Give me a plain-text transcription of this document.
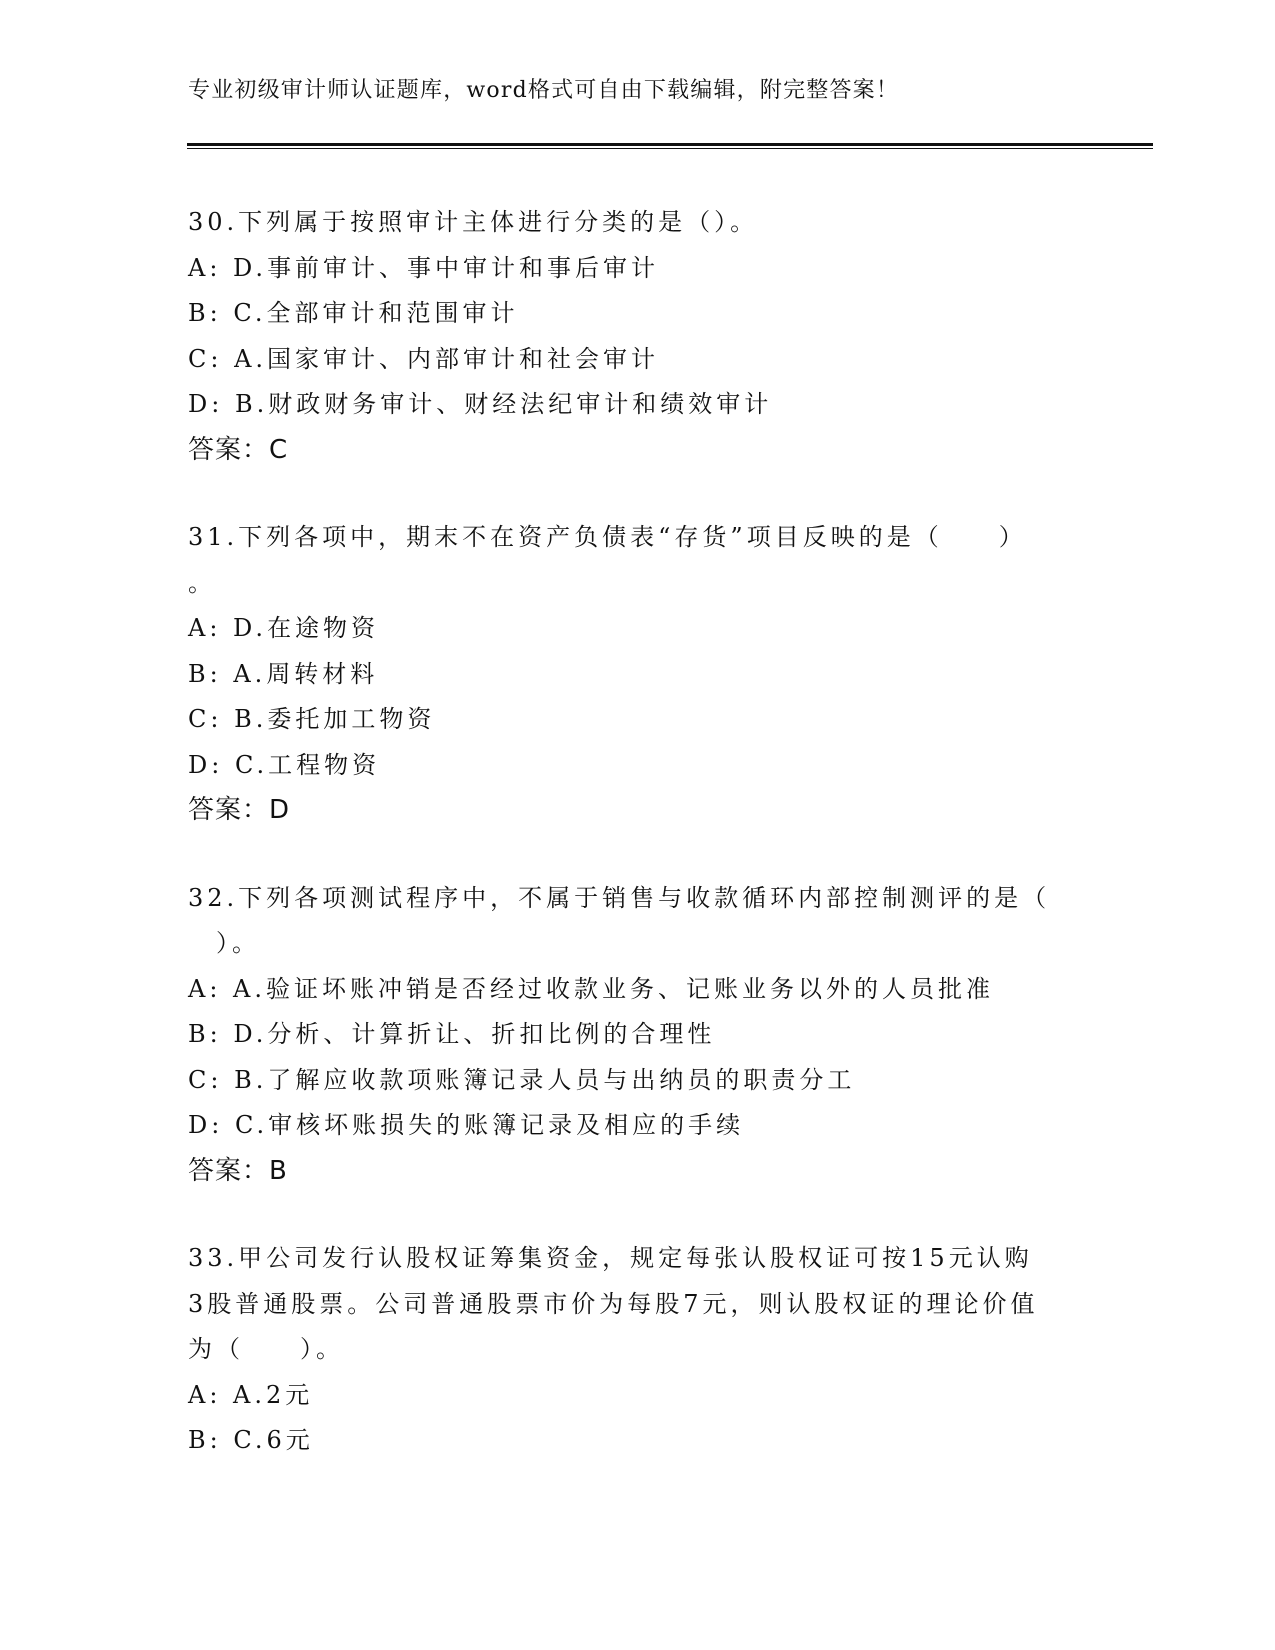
专业初级审计师认证题库，word格式可自由下载编辑，附完整答案！
30.下列属于按照审计主体进行分类的是（）。
A: D.事前审计、事中审计和事后审计
B: C.全部审计和范围审计
C: A.国家审计、内部审计和社会审计
D: B.财政财务审计、财经法纪审计和绩效审计
答案：C
31.下列各项中，期末不在资产负债表“存货”项目反映的是（　　）
。
A: D.在途物资
B: A.周转材料
C: B.委托加工物资
D: C.工程物资
答案：D
32.下列各项测试程序中，不属于销售与收款循环内部控制测评的是（
　）。
A: A.验证坏账冲销是否经过收款业务、记账业务以外的人员批准
B: D.分析、计算折让、折扣比例的合理性
C: B.了解应收款项账簿记录人员与出纳员的职责分工
D: C.审核坏账损失的账簿记录及相应的手续
答案：B
33.甲公司发行认股权证筹集资金，规定每张认股权证可按15元认购
3股普通股票。公司普通股票市价为每股7元，则认股权证的理论价值
为（　　）。
A: A.2元
B: C.6元
